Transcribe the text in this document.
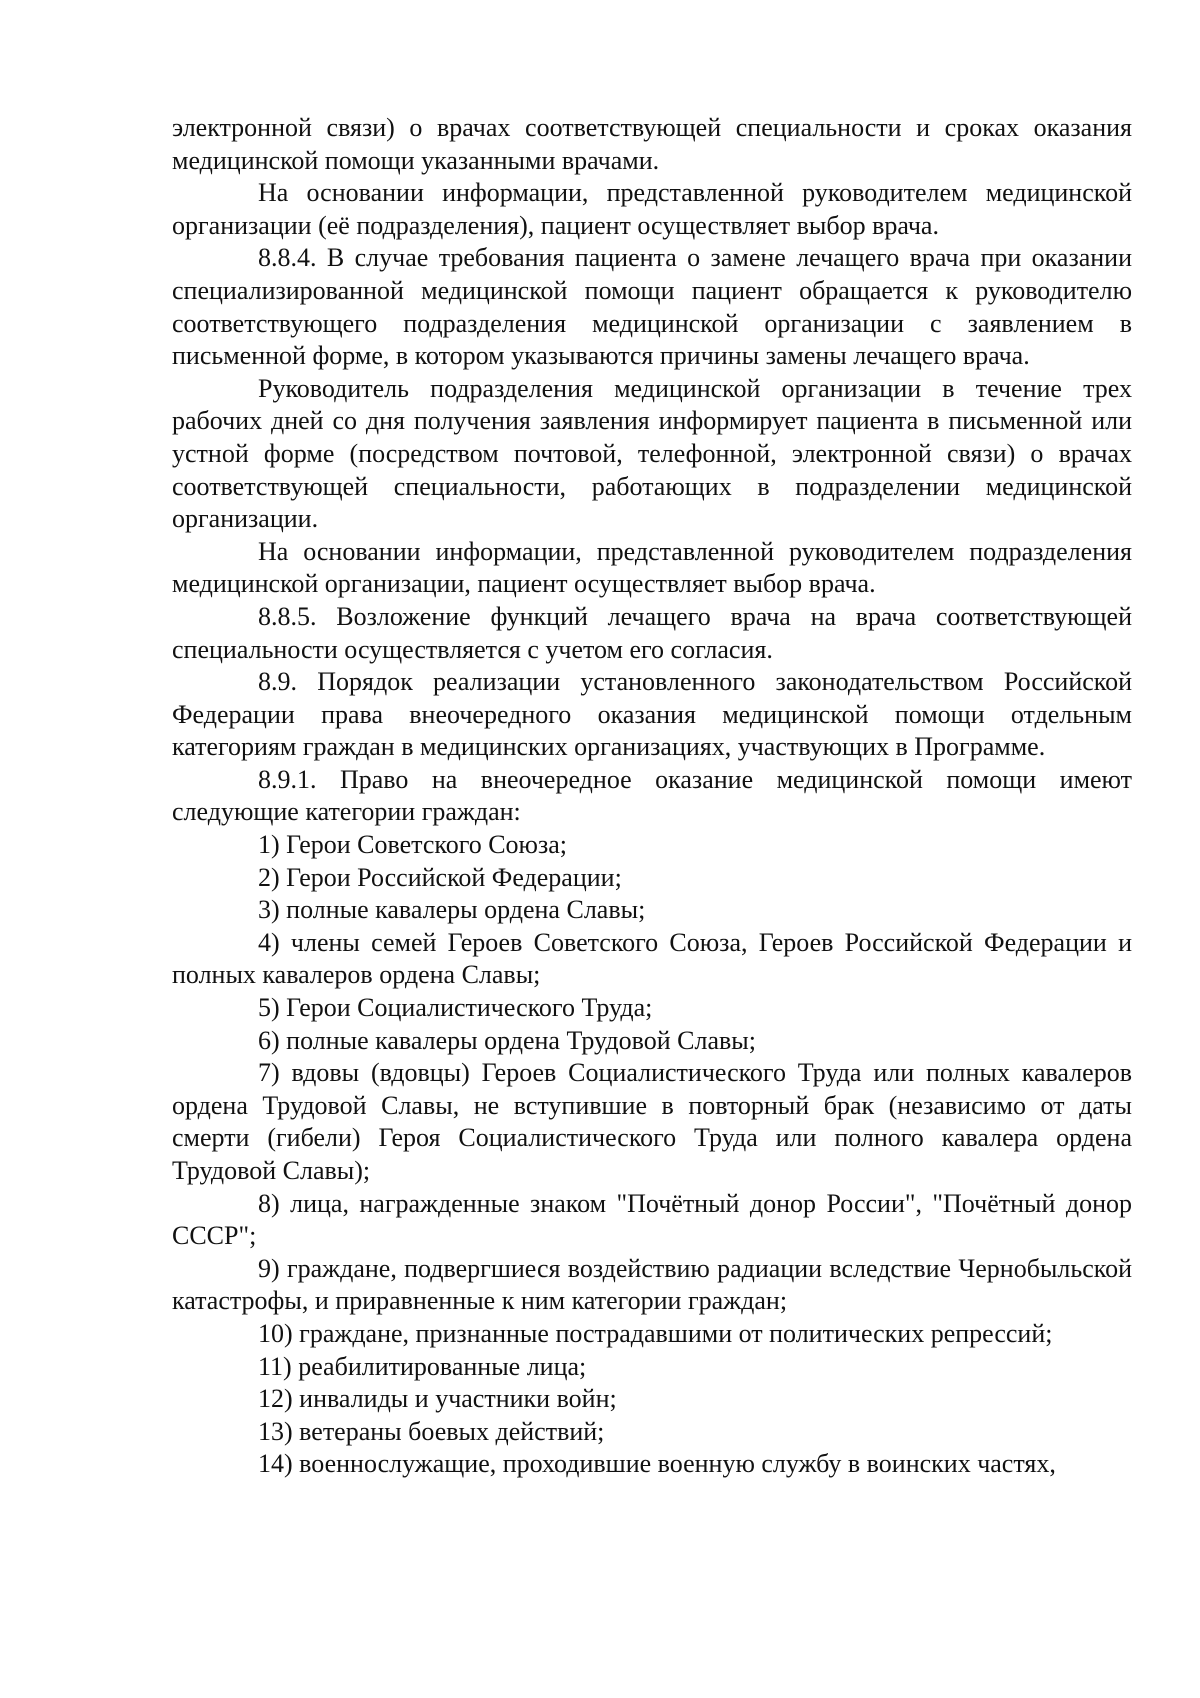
электронной связи) о врачах соответствующей специальности и сроках оказания медицинской помощи указанными врачами.

На основании информации, представленной руководителем медицинской организации (её подразделения), пациент осуществляет выбор врача.

8.8.4. В случае требования пациента о замене лечащего врача при оказании специализированной медицинской помощи пациент обращается к руководителю соответствующего подразделения медицинской организации с заявлением в письменной форме, в котором указываются причины замены лечащего врача.

Руководитель подразделения медицинской организации в течение трех рабочих дней со дня получения заявления информирует пациента в письменной или устной форме (посредством почтовой, телефонной, электронной связи) о врачах соответствующей специальности, работающих в подразделении медицинской организации.

На основании информации, представленной руководителем подразделения медицинской организации, пациент осуществляет выбор врача.

8.8.5. Возложение функций лечащего врача на врача соответствующей специальности осуществляется с учетом его согласия.

8.9. Порядок реализации установленного законодательством Российской Федерации права внеочередного оказания медицинской помощи отдельным категориям граждан в медицинских организациях, участвующих в Программе.

8.9.1. Право на внеочередное оказание медицинской помощи имеют следующие категории граждан:

1) Герои Советского Союза;

2) Герои Российской Федерации;

3) полные кавалеры ордена Славы;

4) члены семей Героев Советского Союза, Героев Российской Федерации и полных кавалеров ордена Славы;

5) Герои Социалистического Труда;

6) полные кавалеры ордена Трудовой Славы;

7) вдовы (вдовцы) Героев Социалистического Труда или полных кавалеров ордена Трудовой Славы, не вступившие в повторный брак (независимо от даты смерти (гибели) Героя Социалистического Труда или полного кавалера ордена Трудовой Славы);

8) лица, награжденные знаком "Почётный донор России", "Почётный донор СССР";

9) граждане, подвергшиеся воздействию радиации вследствие Чернобыльской катастрофы, и приравненные к ним категории граждан;

10) граждане, признанные пострадавшими от политических репрессий;

11) реабилитированные лица;

12) инвалиды и участники войн;

13) ветераны боевых действий;

14) военнослужащие, проходившие военную службу в воинских частях,
